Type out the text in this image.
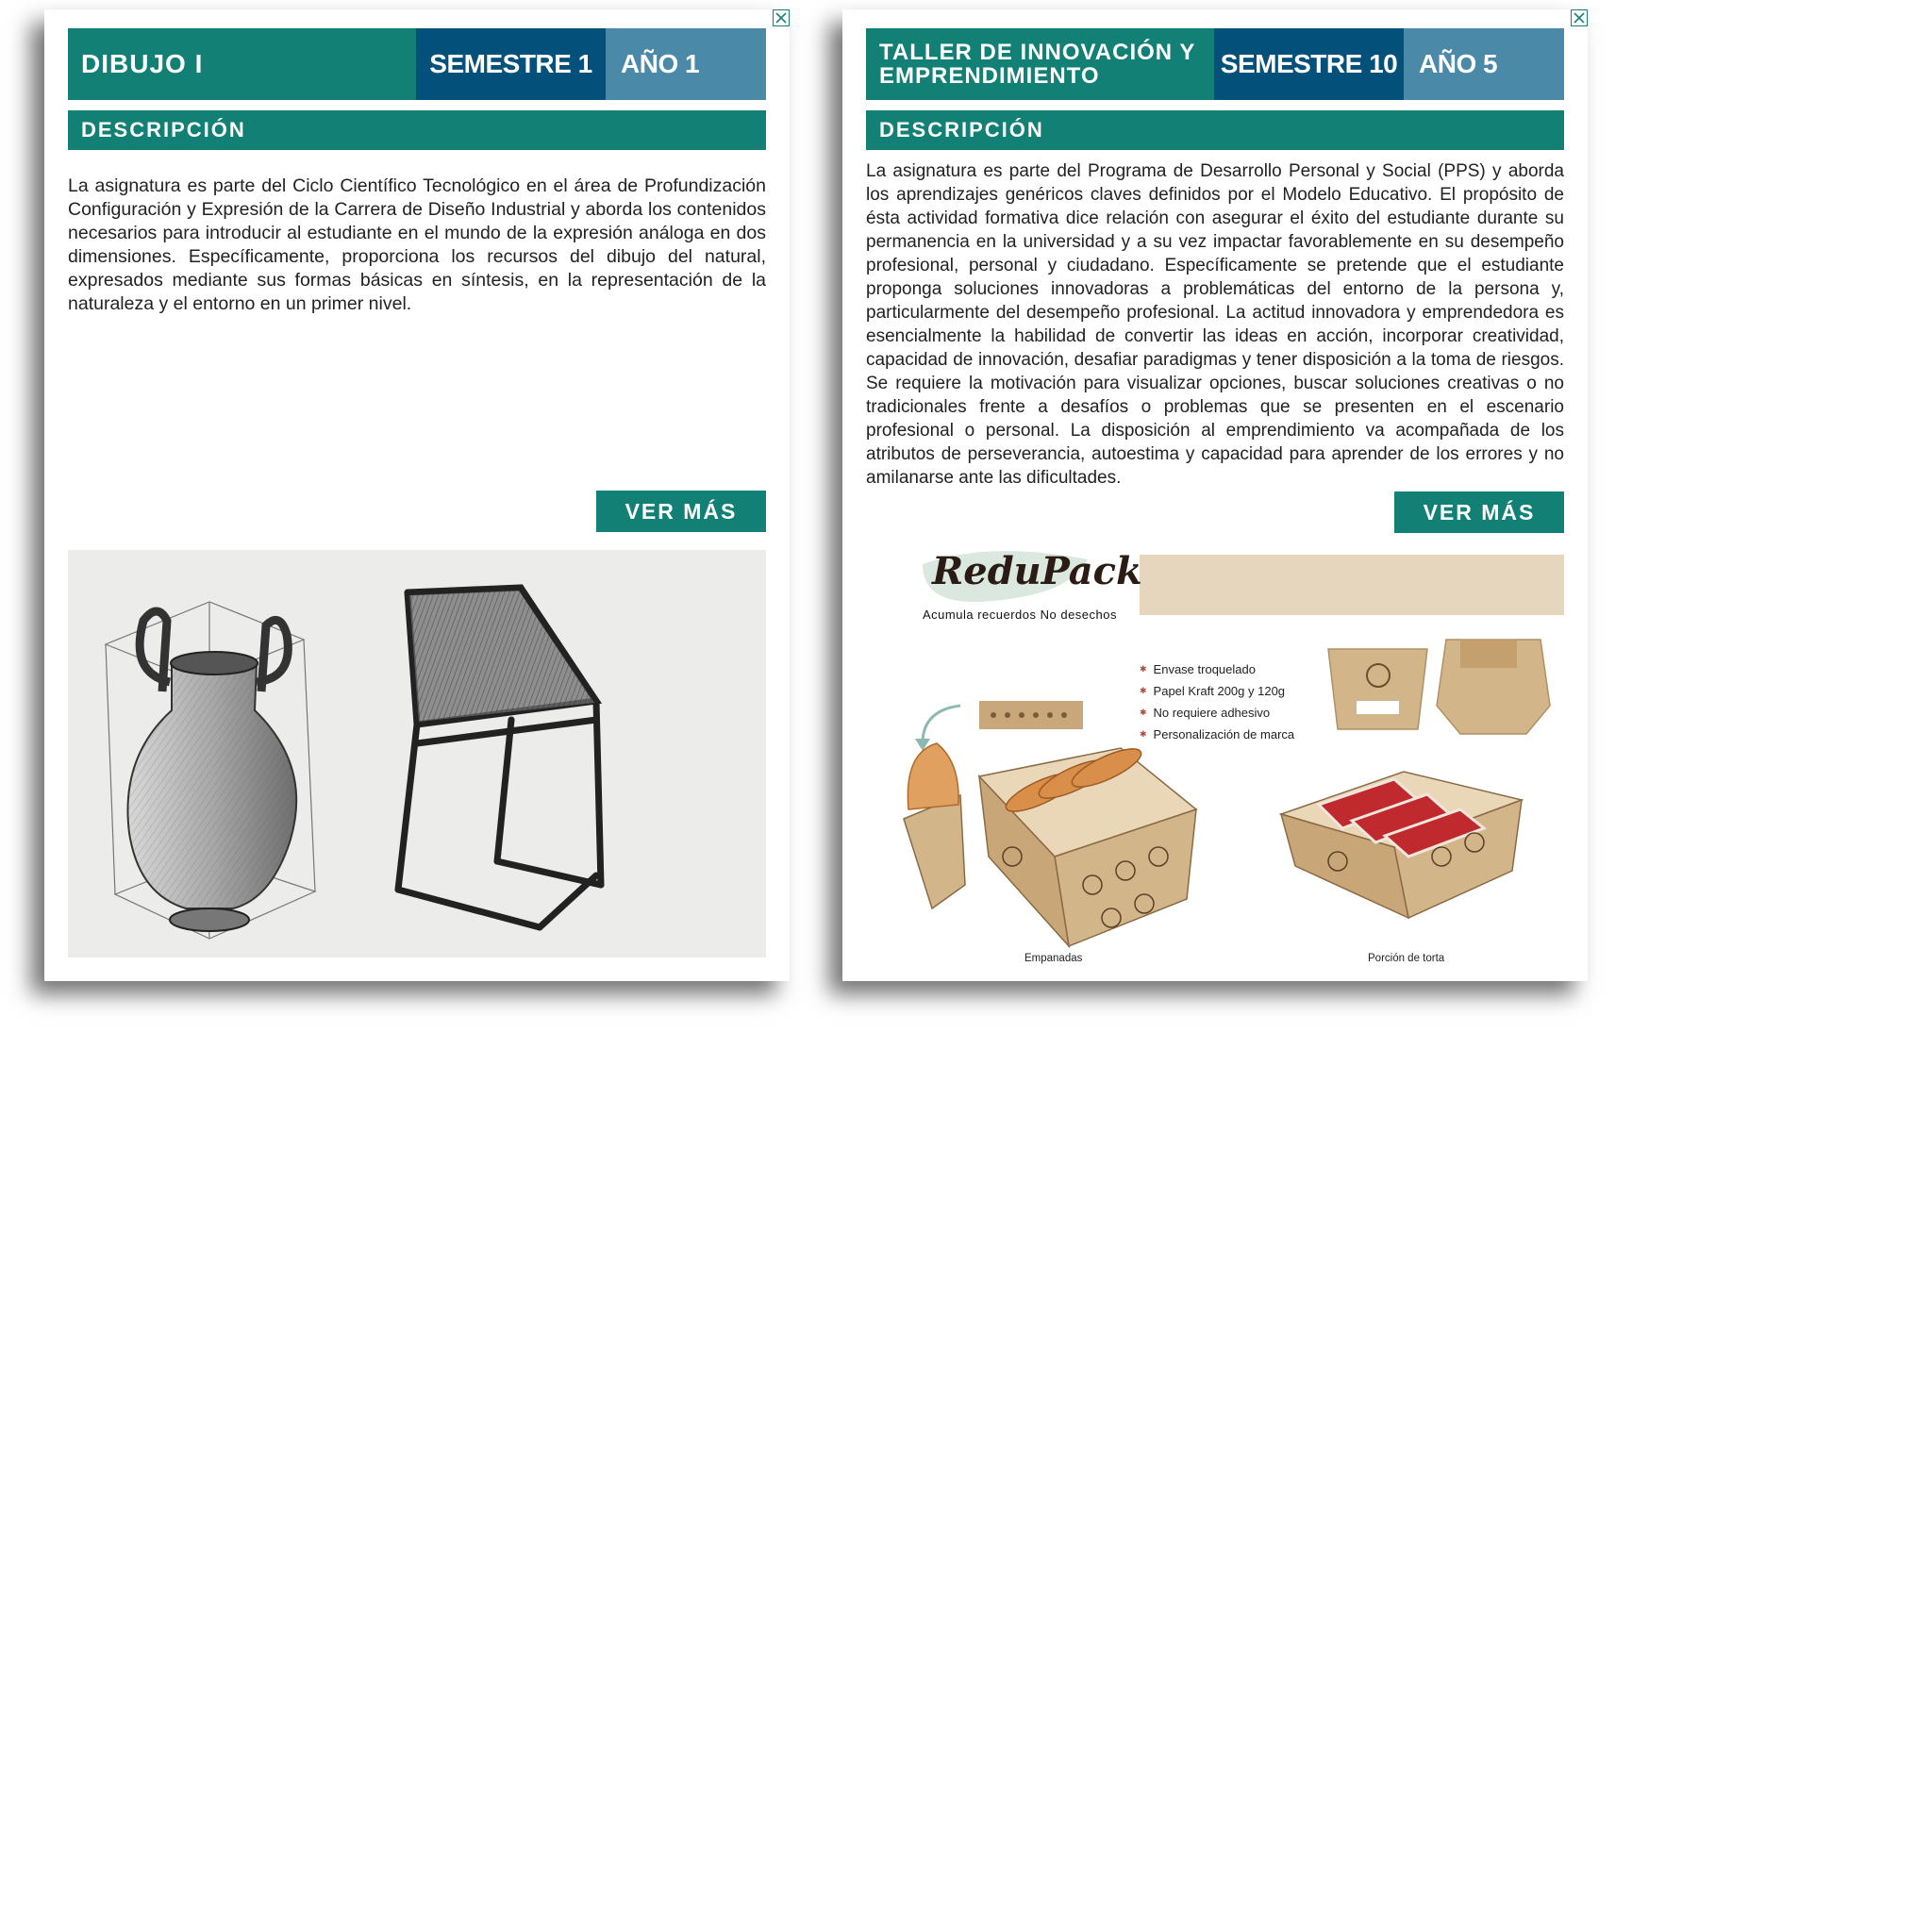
DIBUJO I	SEMESTRE 1	AÑO 1
DESCRIPCIÓN

La asignatura es parte del Ciclo Científico Tecnológico en el área de Profundización Configuración y Expresión de la Carrera de Diseño Industrial y aborda los contenidos necesarios para introducir al estudiante en el mundo de la expresión análoga en dos dimensiones. Específicamente, proporciona los recursos del dibujo del natural, expresados mediante sus formas básicas en síntesis, en la representación de la naturaleza y el entorno en un primer nivel.

VER MÁS
TALLER DE INNOVACIÓN Y
EMPRENDIMIENTO	SEMESTRE 10 AÑO 5
DESCRIPCIÓN

La asignatura es parte del Programa de Desarrollo Personal y Social (PPS) y aborda los aprendizajes genéricos claves definidos por el Modelo Educativo. El propósito de ésta actividad formativa dice relación con asegurar el éxito del estudiante durante su permanencia en la universidad y a su vez impactar favorablemente en su desempeño profesional, personal y ciudadano. Específicamente se pretende que el estudiante proponga soluciones innovadoras a problemáticas del entorno de la persona y, particularmente del desempeño profesional. La actitud innovadora y emprendedora es esencialmente la habilidad de convertir las ideas en acción, incorporar creatividad, capacidad de innovación, desafiar paradigmas y tener disposición a la toma de riesgos. Se requiere la motivación para visualizar opciones, buscar soluciones creativas o no tradicionales frente a desafíos o problemas que se presenten en el escenario profesional o personal. La disposición al emprendimiento va acompañada de los atributos de perseverancia, autoestima y capacidad para aprender de los errores y no amilanarse ante las dificultades.

VER MÁS
ReduPack
Acumula recuerdos No desechos
✱ Envase troquelado
✱ Papel Kraft 200g y 120g
✱ No requiere adhesivo
✱ Personalización de marca
Empanadas	Porción de torta
